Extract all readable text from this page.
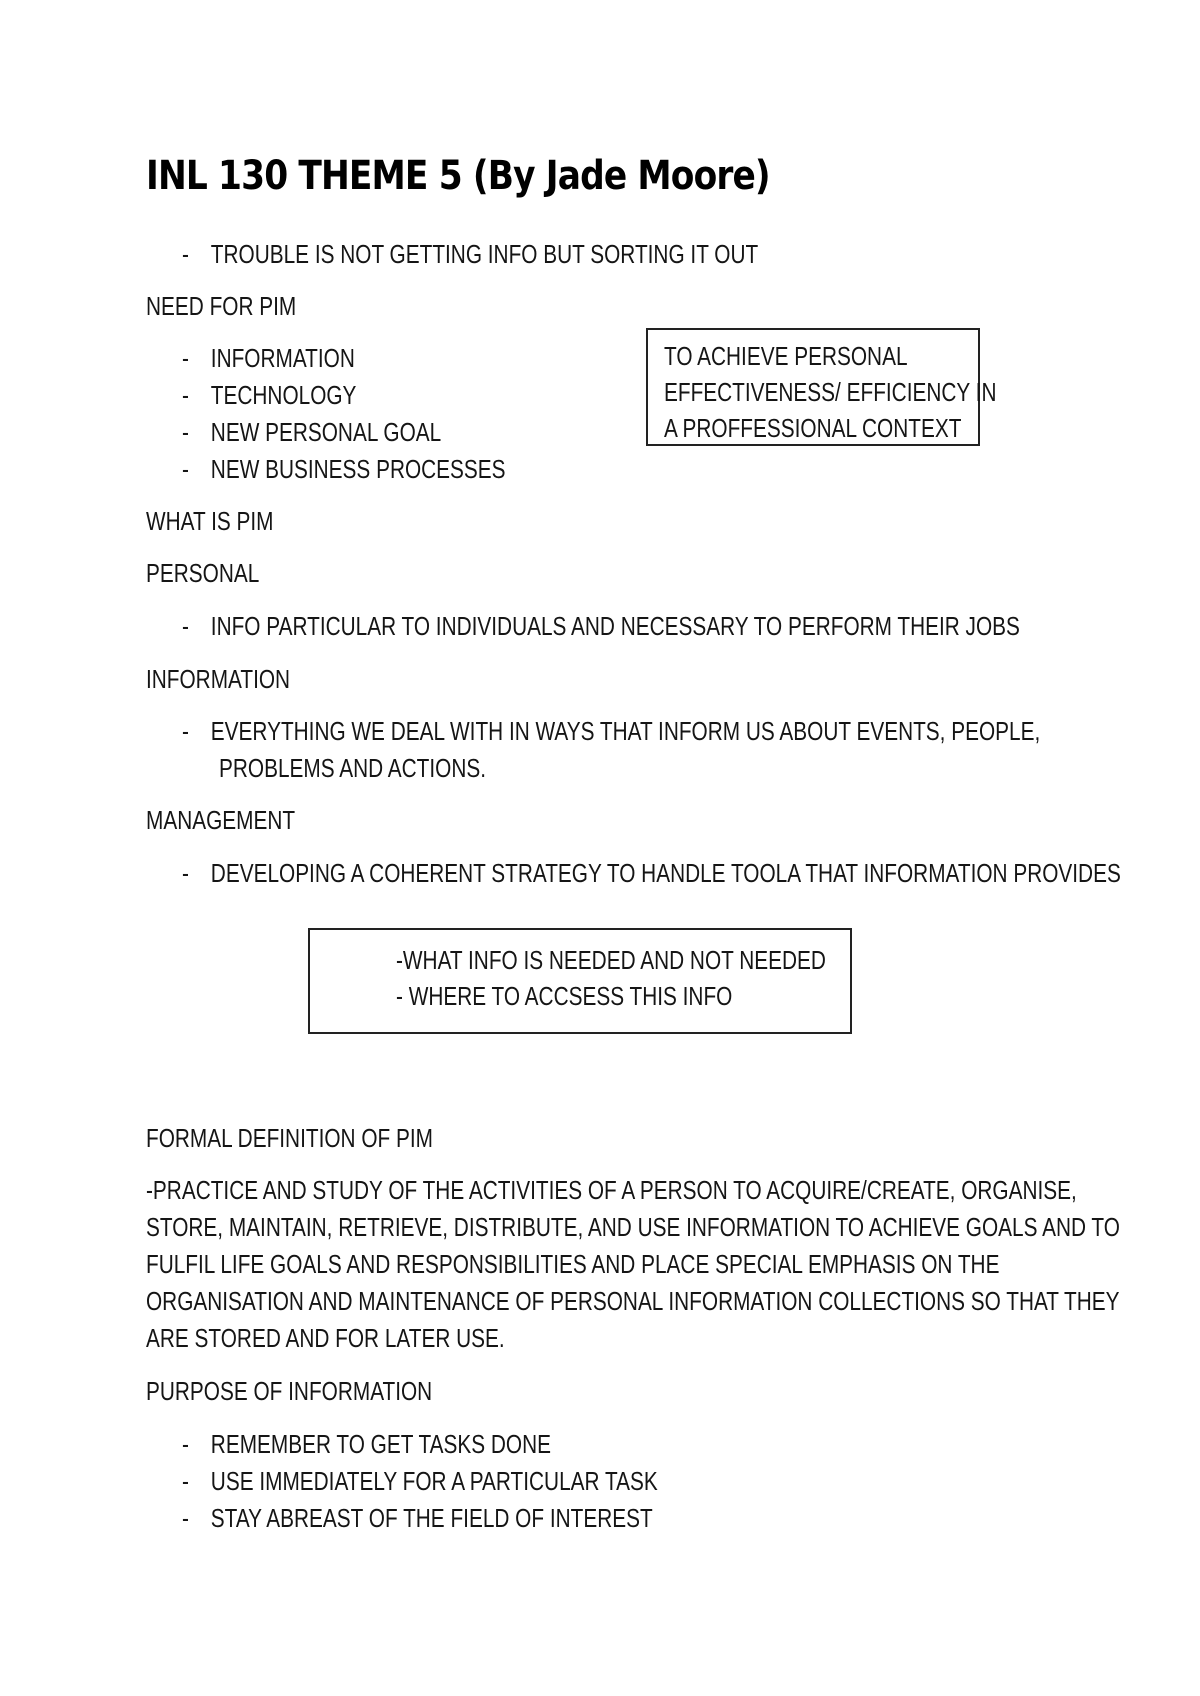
INL 130 THEME 5 (By Jade Moore)
- TROUBLE IS NOT GETTING INFO BUT SORTING IT OUT
NEED FOR PIM
- INFORMATION
- TECHNOLOGY
- NEW PERSONAL GOAL
- NEW BUSINESS PROCESSES
TO ACHIEVE PERSONAL
EFFECTIVENESS/ EFFICIENCY IN
A PROFFESSIONAL CONTEXT
WHAT IS PIM
PERSONAL
- INFO PARTICULAR TO INDIVIDUALS AND NECESSARY TO PERFORM THEIR JOBS
INFORMATION
- EVERYTHING WE DEAL WITH IN WAYS THAT INFORM US ABOUT EVENTS, PEOPLE,
PROBLEMS AND ACTIONS.
MANAGEMENT
- DEVELOPING A COHERENT STRATEGY TO HANDLE TOOLA THAT INFORMATION PROVIDES
-WHAT INFO IS NEEDED AND NOT NEEDED
- WHERE TO ACCSESS THIS INFO
FORMAL DEFINITION OF PIM
-PRACTICE AND STUDY OF THE ACTIVITIES OF A PERSON TO ACQUIRE/CREATE, ORGANISE,
STORE, MAINTAIN, RETRIEVE, DISTRIBUTE, AND USE INFORMATION TO ACHIEVE GOALS AND TO
FULFIL LIFE GOALS AND RESPONSIBILITIES AND PLACE SPECIAL EMPHASIS ON THE
ORGANISATION AND MAINTENANCE OF PERSONAL INFORMATION COLLECTIONS SO THAT THEY
ARE STORED AND FOR LATER USE.
PURPOSE OF INFORMATION
- REMEMBER TO GET TASKS DONE
- USE IMMEDIATELY FOR A PARTICULAR TASK
- STAY ABREAST OF THE FIELD OF INTEREST
